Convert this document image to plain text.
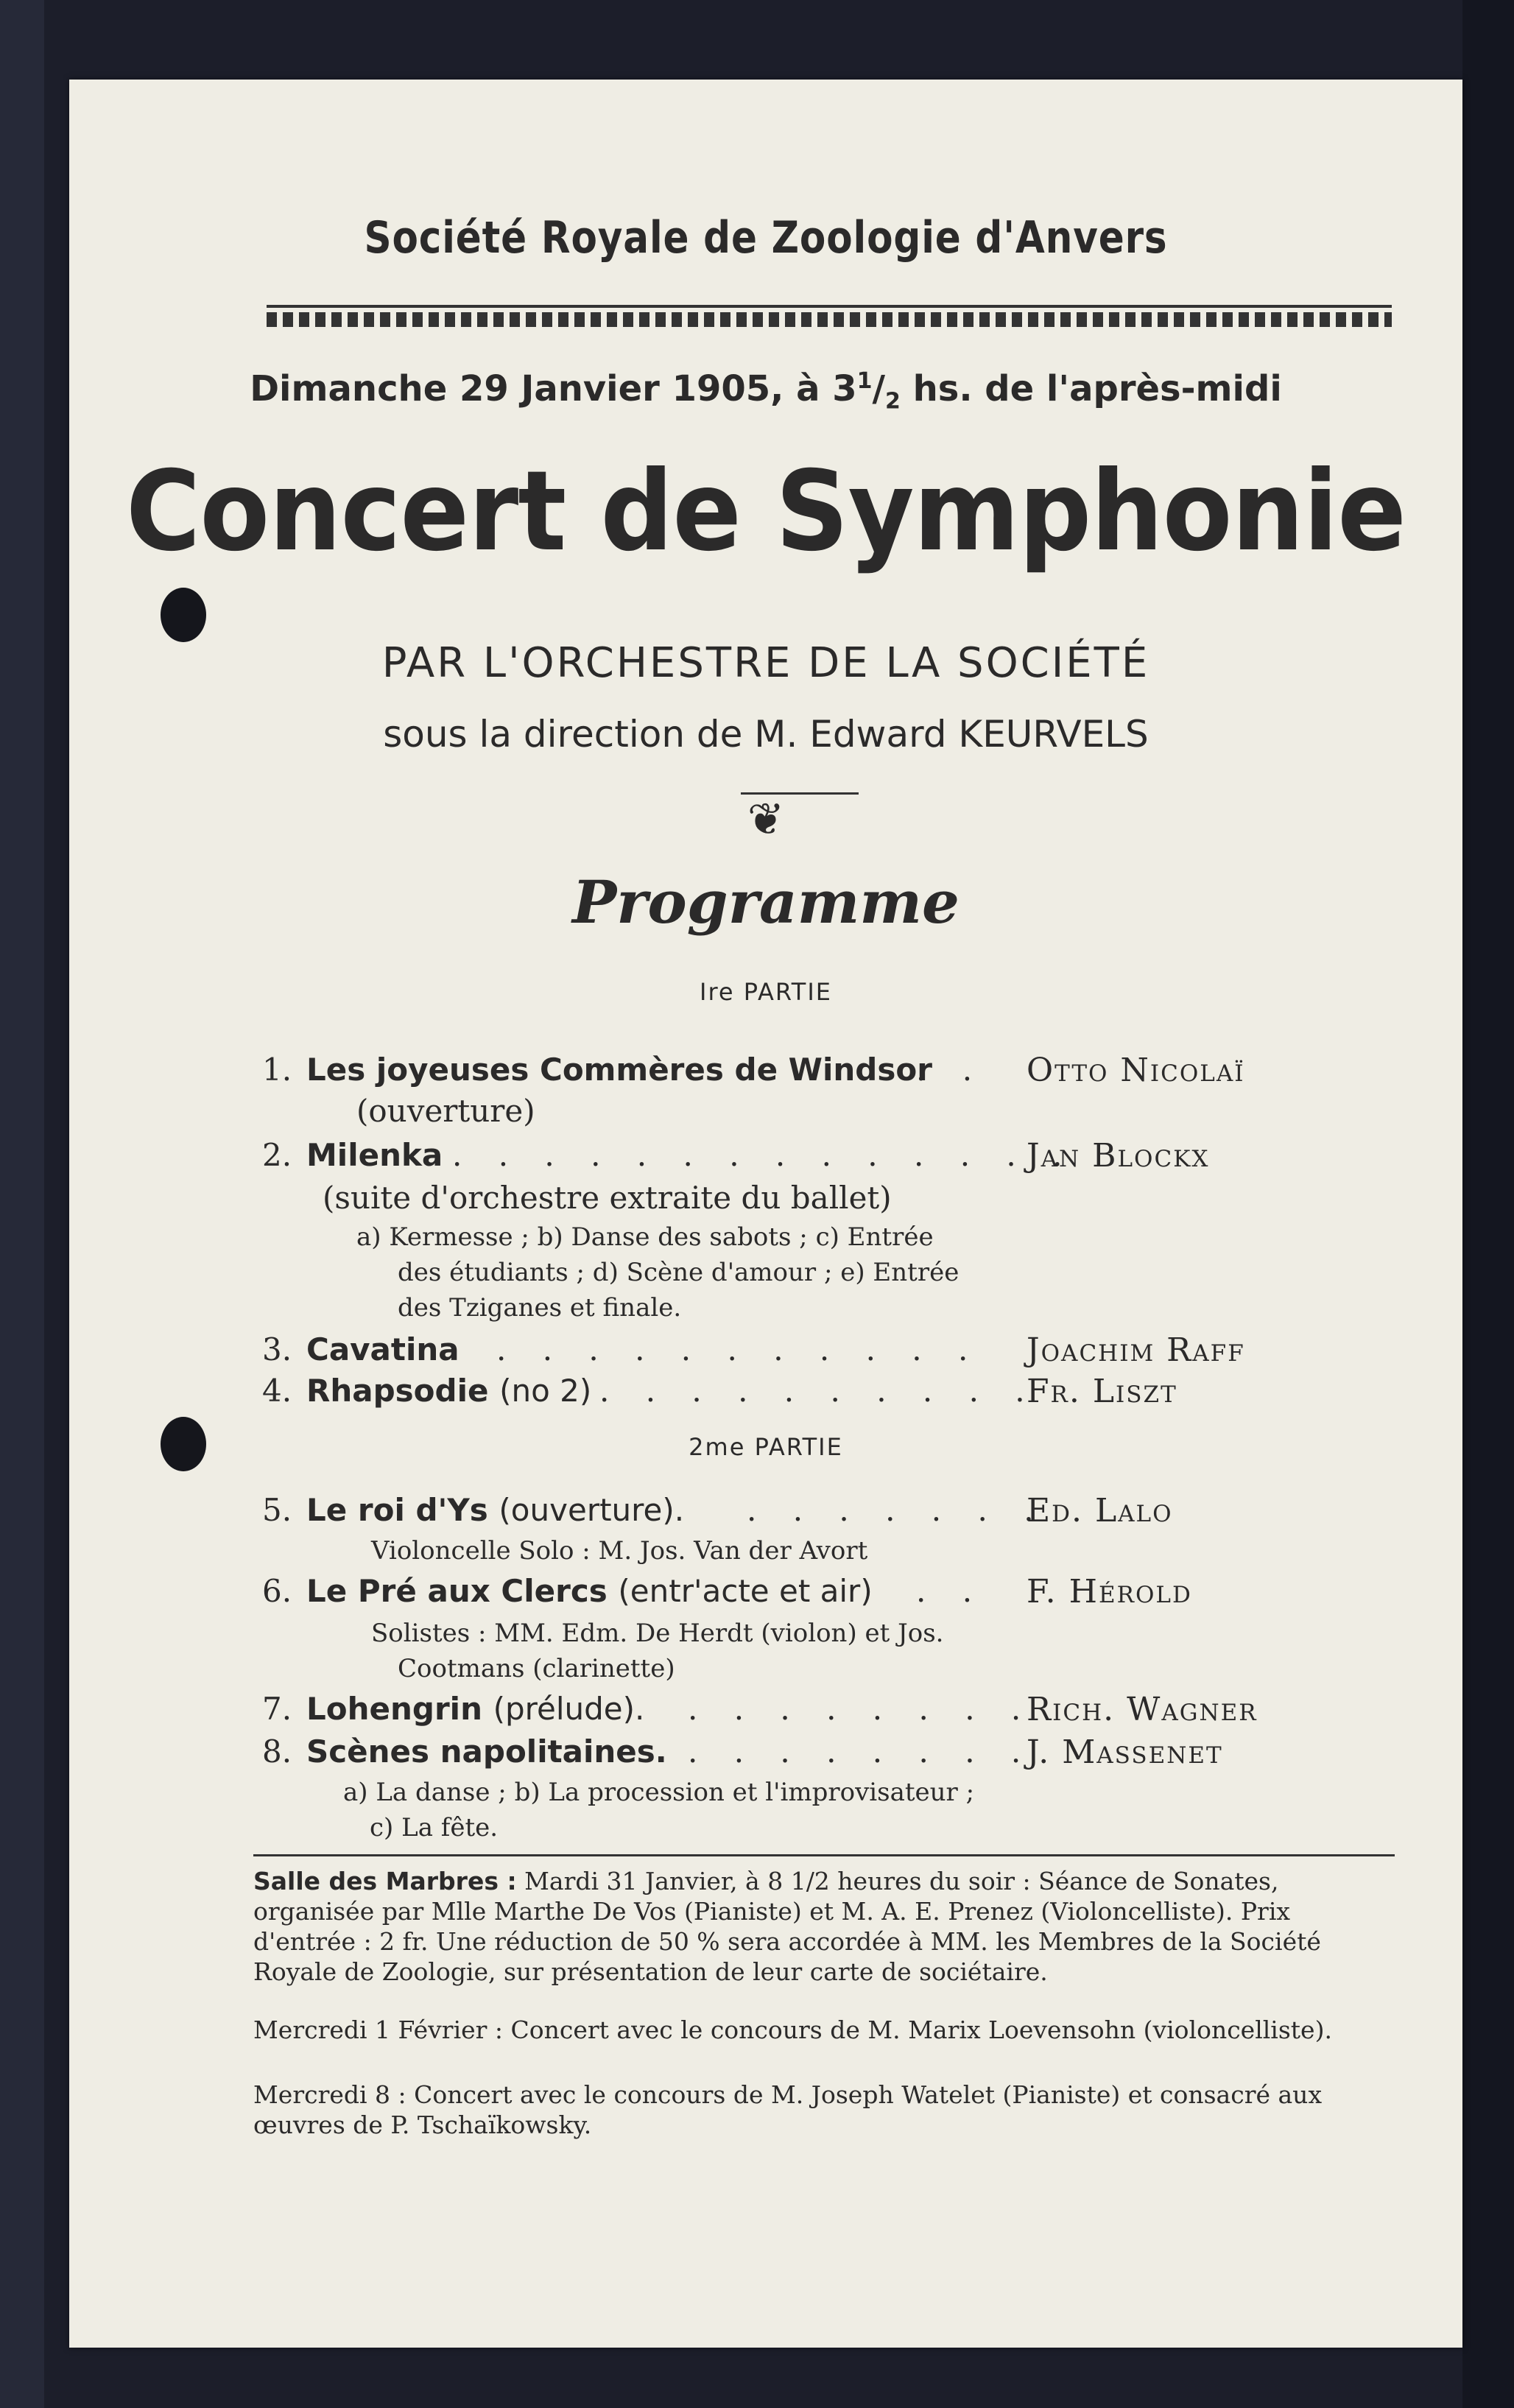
Société Royale de Zoologie d'Anvers
Dimanche 29 Janvier 1905, à $3^1/_2$ hs. de l'après-midi
Concert de Symphonie
PAR L'ORCHESTRE DE LA SOCIÉTÉ
sous la direction de M. Edward KEURVELS
❦
Programme
Ire PARTIE
1. Les joyeuses Commères de Windsor
. . Otto Nicolaï
(ouverture)
2. Milenka . . . . . . . . . . . . . .
Jan Blockx
(suite d'orchestre extraite du ballet)
a) Kermesse ; b) Danse des sabots ; c) Entrée
des étudiants ; d) Scène d'amour ; e) Entrée
des Tziganes et finale.
3. Cavatina . . . . . . . . . . . Joachim Raff
4. Rhapsodie (no 2) . . . . . . . . . .
Fr. Liszt
2me PARTIE
5. Le roi d'Ys (ouverture). . . . . . . .
Ed. Lalo
Violoncelle Solo : M. Jos. Van der Avort
6. Le Pré aux Clercs (entr'acte et air) . . F. Hérold
Solistes : MM. Edm. De Herdt (violon) et Jos.
Cootmans (clarinette)
7. Lohengrin (prélude). . . . . . . . .
Rich. Wagner
8. Scènes napolitaines. . . . . . . . .
J. Massenet
a) La danse ; b) La procession et l'improvisateur ;
c) La fête.
Salle des Marbres : Mardi 31 Janvier, à 8 1/2 heures du soir : Séance de Sonates, organisée par Mlle Marthe De Vos (Pianiste) et M. A. E. Prenez (Violoncelliste). Prix d'entrée : 2 fr. Une réduction de 50 % sera accordée à MM. les Membres de la Société Royale de Zoologie, sur présentation de leur carte de sociétaire.
Mercredi 1 Février : Concert avec le concours de M. Marix Loevensohn (violoncelliste).
Mercredi 8 : Concert avec le concours de M. Joseph Watelet (Pianiste) et consacré aux œuvres de P. Tschaïkowsky.
